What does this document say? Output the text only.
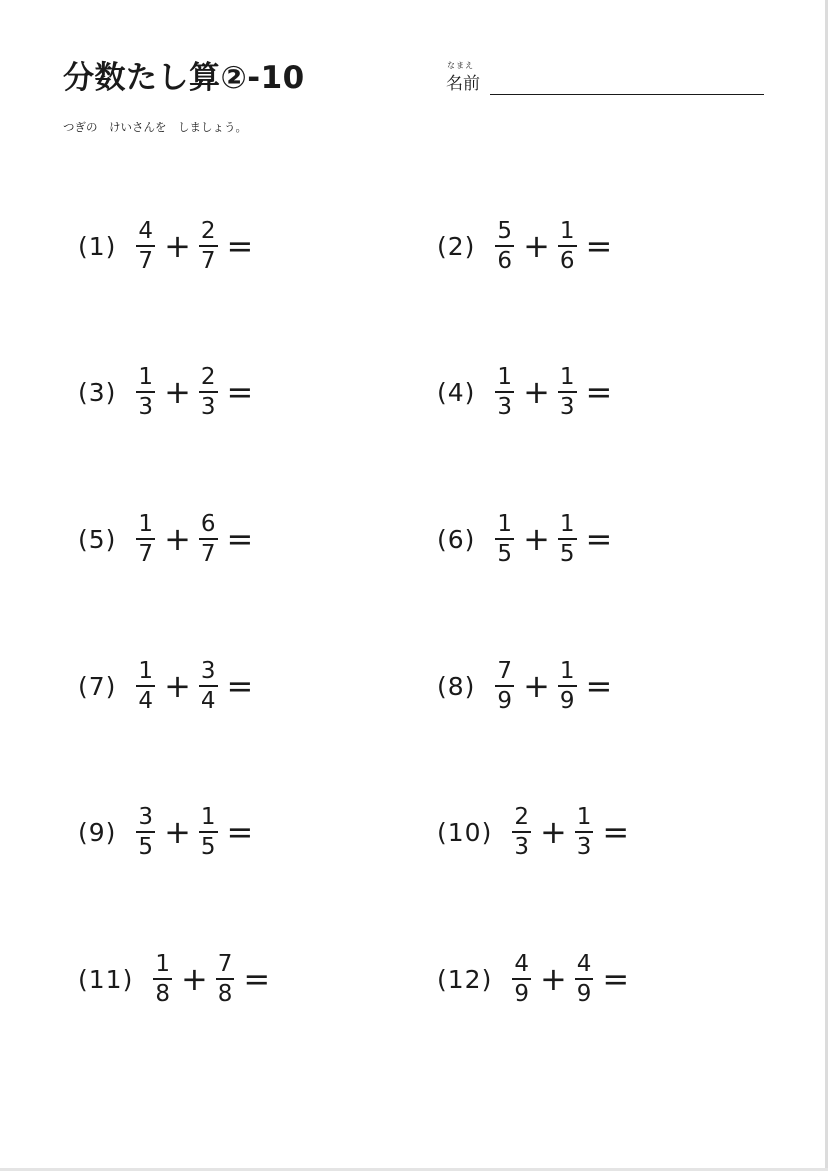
分数たし算②-10	なまえ
名前
つぎの　けいさんを　しましょう。
$(1) \frac{4}{7} + \frac{2}{7}$ =	$(2) \frac{5}{6} + \frac{1}{6}$ =
$(3) \frac{1}{3} + \frac{2}{3}$ =	$(4) \frac{1}{3} + \frac{1}{3}$ =
$(5) \frac{1}{7} + \frac{6}{7}$ =	$(6) \frac{1}{5} + \frac{1}{5}$ =
$(7) \frac{1}{4} + \frac{3}{4}$ =	$(8) \frac{7}{9} + \frac{1}{9}$ =
$(9) \frac{3}{5} + \frac{1}{5}$ =	$(10) \frac{2}{3} + \frac{1}{3}$ =
$(11) \frac{1}{8} + \frac{7}{8}$ =	$(12) \frac{4}{9} + \frac{4}{9}$ =
